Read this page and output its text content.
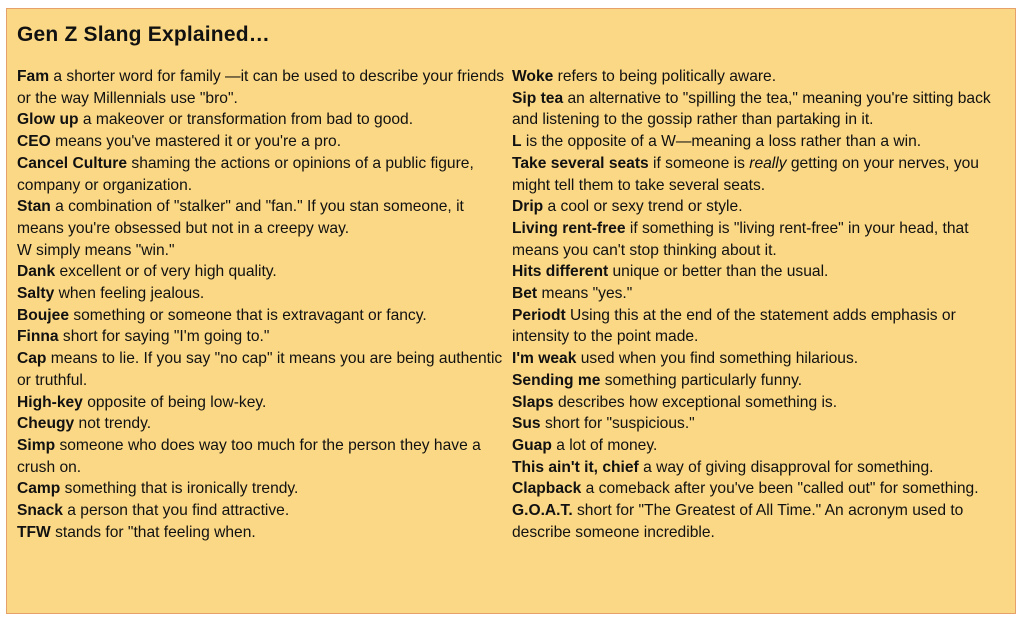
Gen Z Slang Explained…

Fam a shorter word for family —it can be used to describe your friends or the way Millennials use "bro".

Glow up a makeover or transformation from bad to good.

CEO means you've mastered it or you're a pro.

Cancel Culture shaming the actions or opinions of a public figure, company or organization.

Stan a combination of "stalker" and "fan." If you stan someone, it means you're obsessed but not in a creepy way.

W simply means "win."

Dank excellent or of very high quality.

Salty when feeling jealous.

Boujee something or someone that is extravagant or fancy.

Finna short for saying "I'm going to."

Cap means to lie. If you say "no cap" it means you are being authentic or truthful.

High-key opposite of being low-key.

Cheugy not trendy.

Simp someone who does way too much for the person they have a crush on.

Camp something that is ironically trendy.

Snack a person that you find attractive.

TFW stands for "that feeling when.

Woke refers to being politically aware.

Sip tea an alternative to "spilling the tea," meaning you're sitting back and listening to the gossip rather than partaking in it.

L is the opposite of a W—meaning a loss rather than a win.

Take several seats if someone is really getting on your nerves, you might tell them to take several seats.

Drip a cool or sexy trend or style.

Living rent-free if something is "living rent-free" in your head, that means you can't stop thinking about it.

Hits different unique or better than the usual.

Bet means "yes."

Periodt Using this at the end of the statement adds emphasis or intensity to the point made.

I'm weak used when you find something hilarious.

Sending me something particularly funny.

Slaps describes how exceptional something is.

Sus short for "suspicious."

Guap a lot of money.

This ain't it, chief a way of giving disapproval for something.

Clapback a comeback after you've been "called out" for something.

G.O.A.T. short for "The Greatest of All Time." An acronym used to describe someone incredible.
